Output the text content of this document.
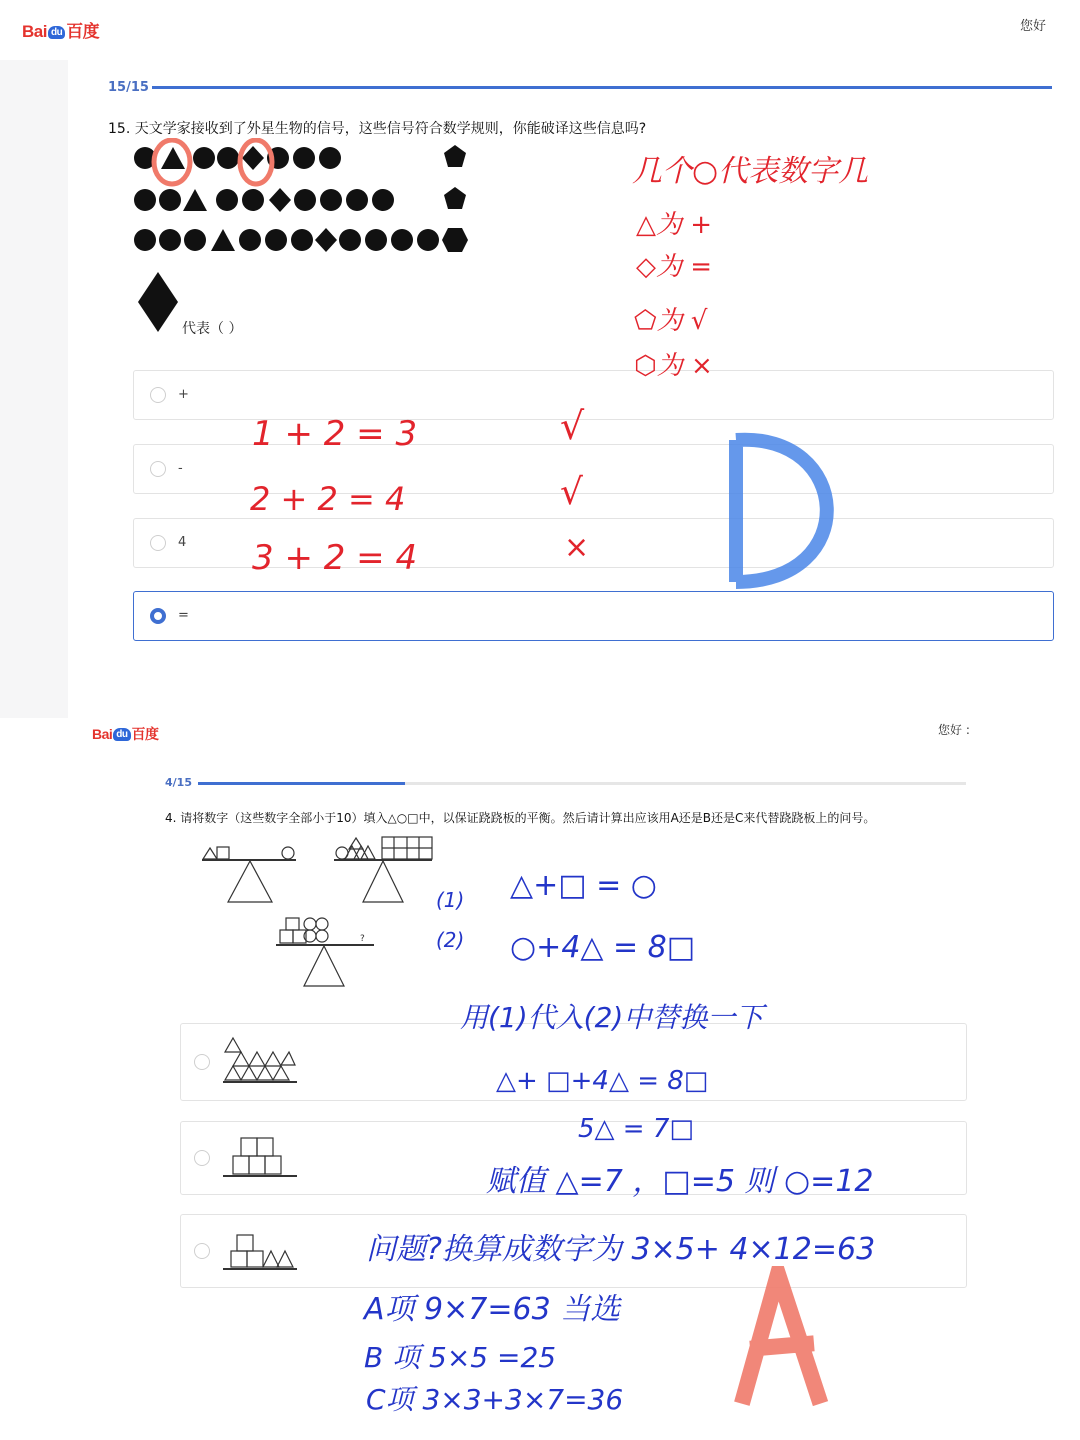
Bai du 百度	您好
15/15
15. 天文学家接收到了外星生物的信号，这些信号符合数学规则，你能破译这些信息吗?
代表（ ）
+
-
4
=
几个○代表数字几
△为 +
◇为 =
⬠为 √
⬡为 ×
1 + 2 = 3
2 + 2 = 4
3 + 2 = 4
√
√
×
Bai du 百度	您好 :
4/15
4. 请将数字（这些数字全部小于10）填入△○□中，以保证跷跷板的平衡。然后请计算出应该用A还是B还是C来代替跷跷板上的问号。
?
(1)
(2)
△+□ = ○
○+4△ = 8□
用(1)代入(2)中替换一下
△+ □+4△ = 8□
5△ = 7□
赋值 △=7 ，□=5 则 ○=12
问题?换算成数字为 3×5+ 4×12=63
A项 9×7=63 当选
B 项 5×5 =25
C项 3×3+3×7=36
